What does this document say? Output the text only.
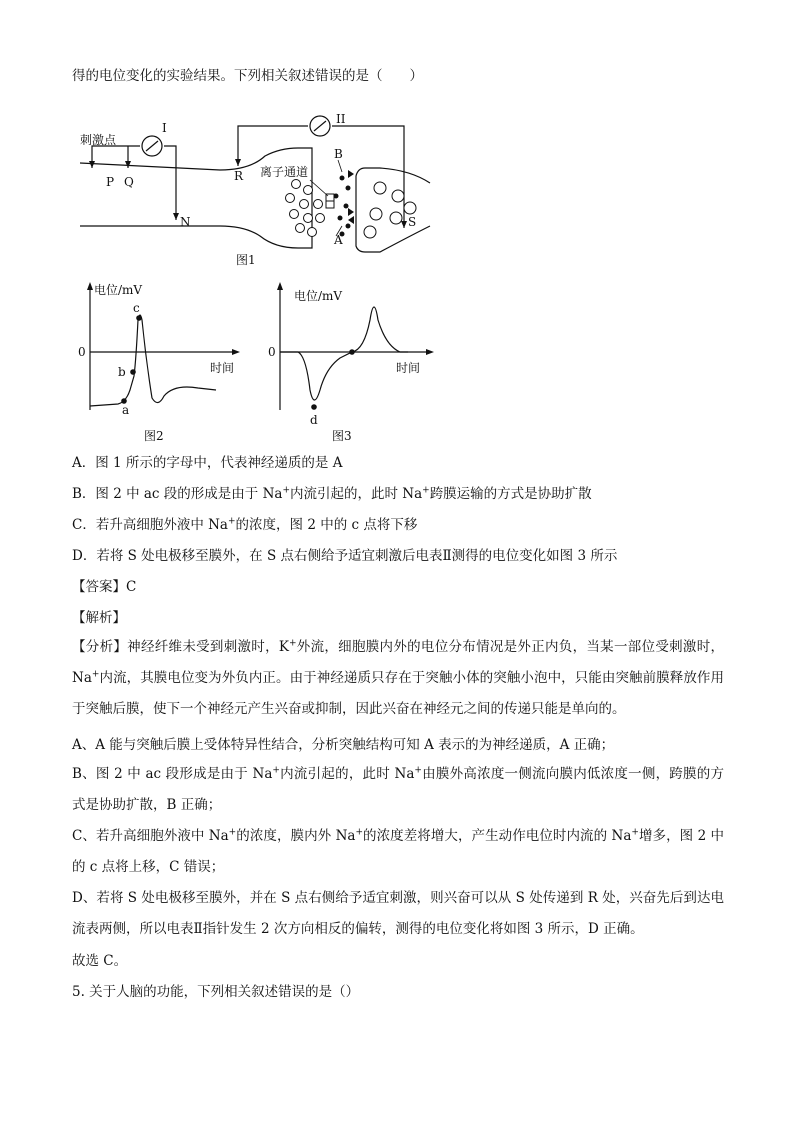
得的电位变化的实验结果。下列相关叙述错误的是（　　）
刺激点
I
II
P Q	R
N	S
A
B
离子通道
图1
电位/mV
0
时间
a
b
c
图2
电位/mV
0
时间
d
图3
A．图 1 所示的字母中，代表神经递质的是 A
B．图 2 中 ac 段的形成是由于 Na+内流引起的，此时 Na+跨膜运输的方式是协助扩散
C．若升高细胞外液中 Na+的浓度，图 2 中的 c 点将下移
D．若将 S 处电极移至膜外，在 S 点右侧给予适宜刺激后电表Ⅱ测得的电位变化如图 3 所示
【答案】C
【解析】
【分析】神经纤维未受到刺激时，K+外流，细胞膜内外的电位分布情况是外正内负，当某一部位受刺激时，Na+内流，其膜电位变为外负内正。由于神经递质只存在于突触小体的突触小泡中，只能由突触前膜释放作用于突触后膜，使下一个神经元产生兴奋或抑制，因此兴奋在神经元之间的传递只能是单向的。
A、A 能与突触后膜上受体特异性结合，分析突触结构可知 A 表示的为神经递质，A 正确；
B、图 2 中 ac 段形成是由于 Na+内流引起的，此时 Na+由膜外高浓度一侧流向膜内低浓度一侧，跨膜的方式是协助扩散，B 正确；
C、若升高细胞外液中 Na+的浓度，膜内外 Na+的浓度差将增大，产生动作电位时内流的 Na+增多，图 2 中的 c 点将上移，C 错误；
D、若将 S 处电极移至膜外，并在 S 点右侧给予适宜刺激，则兴奋可以从 S 处传递到 R 处，兴奋先后到达电流表两侧，所以电表Ⅱ指针发生 2 次方向相反的偏转，测得的电位变化将如图 3 所示，D 正确。
故选 C。
5. 关于人脑的功能，下列相关叙述错误的是（）
